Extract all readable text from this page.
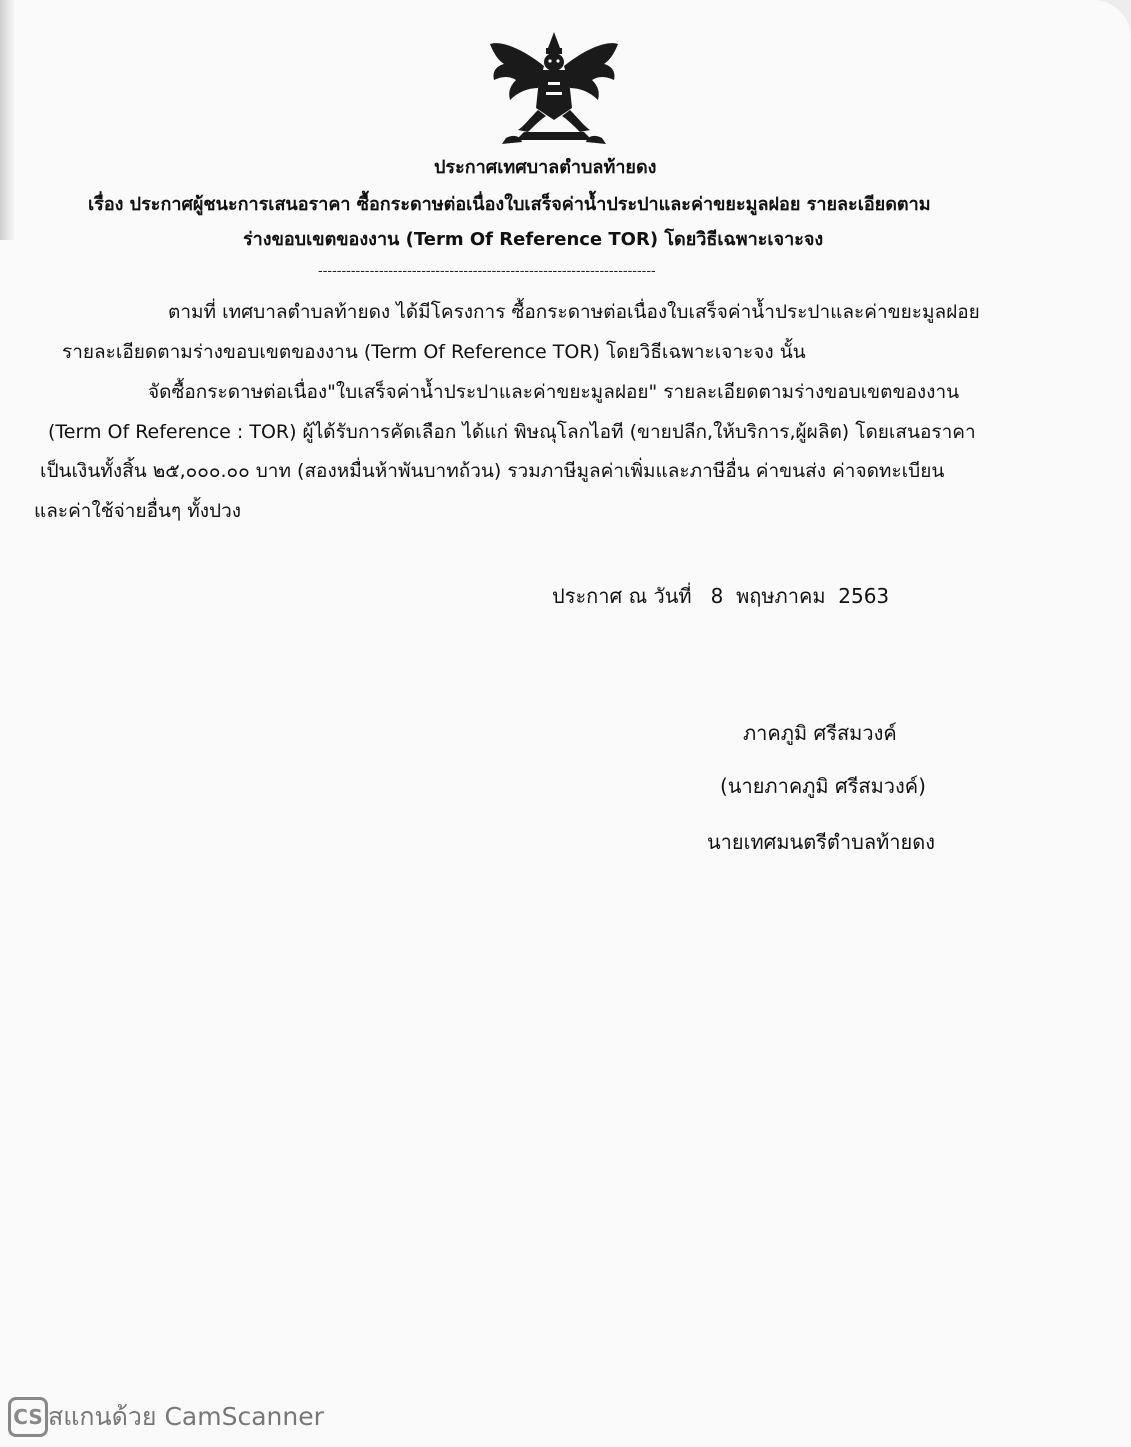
ประกาศเทศบาลตำบลท้ายดง
เรื่อง ประกาศผู้ชนะการเสนอราคา ซื้อกระดาษต่อเนื่องใบเสร็จค่าน้ำประปาและค่าขยะมูลฝอย รายละเอียดตาม
ร่างขอบเขตของงาน (Term Of Reference TOR) โดยวิธีเฉพาะเจาะจง
------------------------------------------------------------------------
ตามที่ เทศบาลตำบลท้ายดง ได้มีโครงการ ซื้อกระดาษต่อเนื่องใบเสร็จค่าน้ำประปาและค่าขยะมูลฝอย
รายละเอียดตามร่างขอบเขตของงาน (Term Of Reference TOR) โดยวิธีเฉพาะเจาะจง นั้น
จัดซื้อกระดาษต่อเนื่อง"ใบเสร็จค่าน้ำประปาและค่าขยะมูลฝอย" รายละเอียดตามร่างขอบเขตของงาน
(Term Of Reference : TOR) ผู้ได้รับการคัดเลือก ได้แก่ พิษณุโลกไอที (ขายปลีก,ให้บริการ,ผู้ผลิต) โดยเสนอราคา
เป็นเงินทั้งสิ้น ๒๕,๐๐๐.๐๐ บาท (สองหมื่นห้าพันบาทถ้วน) รวมภาษีมูลค่าเพิ่มและภาษีอื่น ค่าขนส่ง ค่าจดทะเบียน
และค่าใช้จ่ายอื่นๆ ทั้งปวง
ประกาศ ณ วันที่   8  พฤษภาคม  2563
ภาคภูมิ ศรีสมวงค์
(นายภาคภูมิ ศรีสมวงค์)
นายเทศมนตรีตำบลท้ายดง
CS สแกนด้วย CamScanner
